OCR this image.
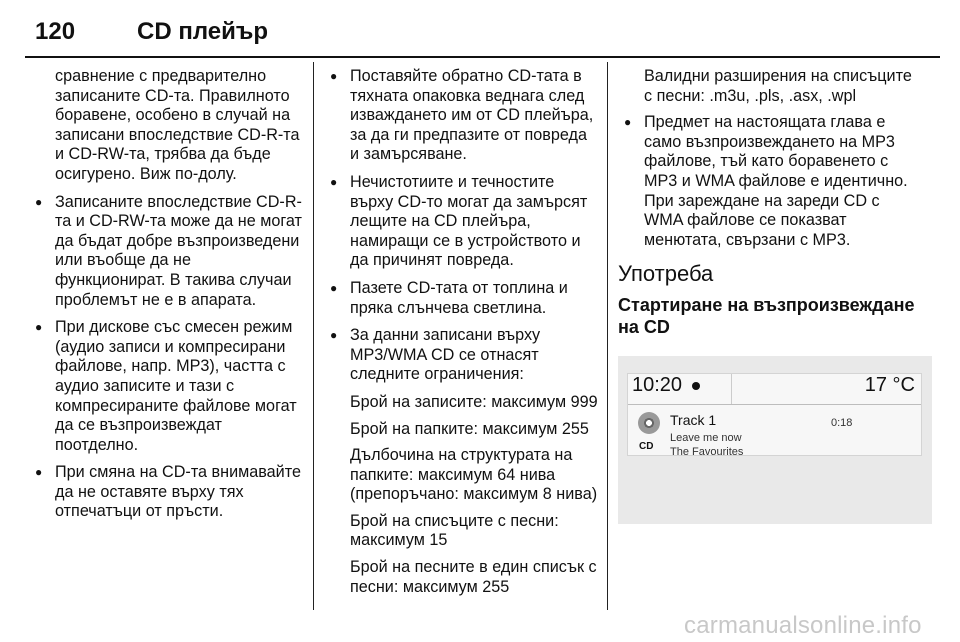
120	CD плейър

сравнение с предварително записаните CD-та. Правилното боравене, особено в случай на записани впоследствие CD-R-та и CD-RW-та, трябва да бъде осигурено. Виж по-долу.

● Записаните впоследствие CD-R-та и CD-RW-та може да не могат да бъдат добре възпроизведени или въобще да не функционират. В такива случаи проблемът не е в апарата.
● При дискове със смесен режим (аудио записи и компресирани файлове, напр. MP3), частта с аудио записите и тази с компресираните файлове могат да се възпроизвеждат поотделно.
● При смяна на CD-та внимавайте да не оставяте върху тях отпечатъци от пръсти.
● Поставяйте обратно CD-тата в тяхната опаковка веднага след изваждането им от CD плейъра, за да ги предпазите от повреда и замърсяване.
● Нечистотиите и течностите върху CD-то могат да замърсят лещите на CD плейъра, намиращи се в устройството и да причинят повреда.
● Пазете CD-тата от топлина и пряка слънчева светлина.
● За данни записани върху MP3/WMA CD се отнасят следните ограничения:

Брой на записите: максимум 999

Брой на папките: максимум 255

Дълбочина на структурата на папките: максимум 64 нива (препоръчано: максимум 8 нива)

Брой на списъците с песни: максимум 15

Брой на песните в един списък с песни: максимум 255

Валидни разширения на списъците с песни: .m3u, .pls, .asx, .wpl

● Предмет на настоящата глава е само възпроизвеждането на MP3 файлове, тъй като боравенето с MP3 и WMA файлове е идентично. При зареждане на зареди CD с WMA файлове се показват менютата, свързани с MP3.
Употреба
Стартиране на възпроизвеждане на CD
10:20	17 °C
CD
Track 1
Leave me now
The Favourites
0:18
carmanualsonline.info
